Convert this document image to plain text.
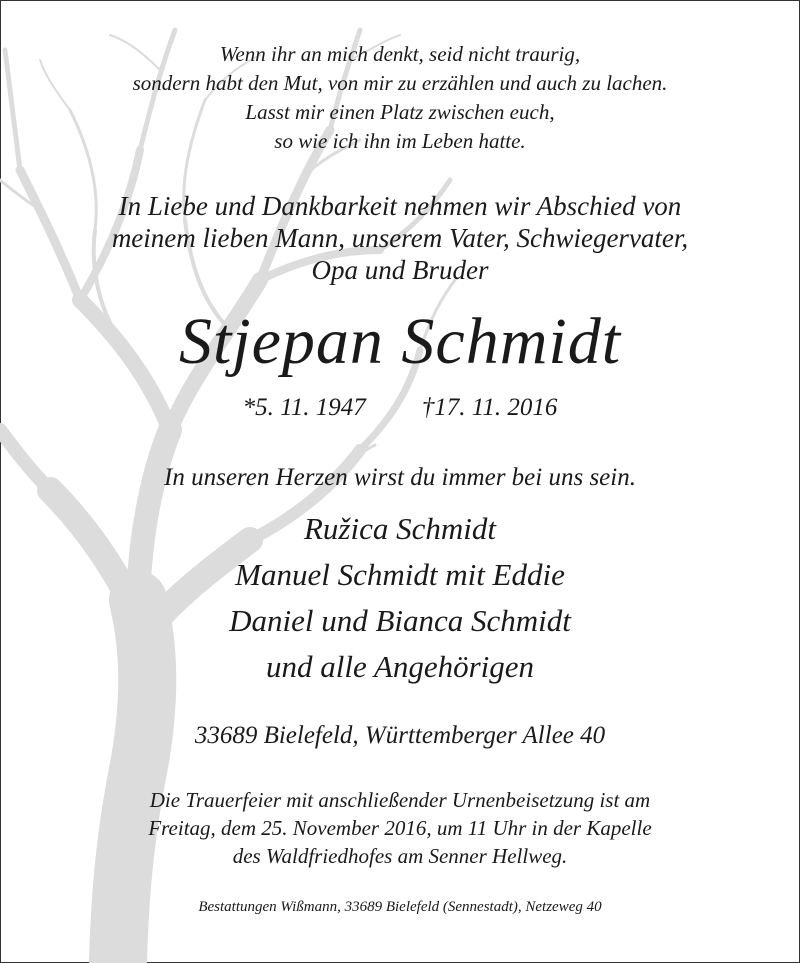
Wenn ihr an mich denkt, seid nicht traurig,
sondern habt den Mut, von mir zu erzählen und auch zu lachen.
Lasst mir einen Platz zwischen euch,
so wie ich ihn im Leben hatte.
In Liebe und Dankbarkeit nehmen wir Abschied von
meinem lieben Mann, unserem Vater, Schwiegervater,
Opa und Bruder
Stjepan Schmidt
*5. 11. 1947 †17. 11. 2016
In unseren Herzen wirst du immer bei uns sein.
Ružica Schmidt
Manuel Schmidt mit Eddie
Daniel und Bianca Schmidt
und alle Angehörigen
33689 Bielefeld, Württemberger Allee 40
Die Trauerfeier mit anschließender Urnenbeisetzung ist am
Freitag, dem 25. November 2016, um 11 Uhr in der Kapelle
des Waldfriedhofes am Senner Hellweg.
Bestattungen Wißmann, 33689 Bielefeld (Sennestadt), Netzeweg 40
